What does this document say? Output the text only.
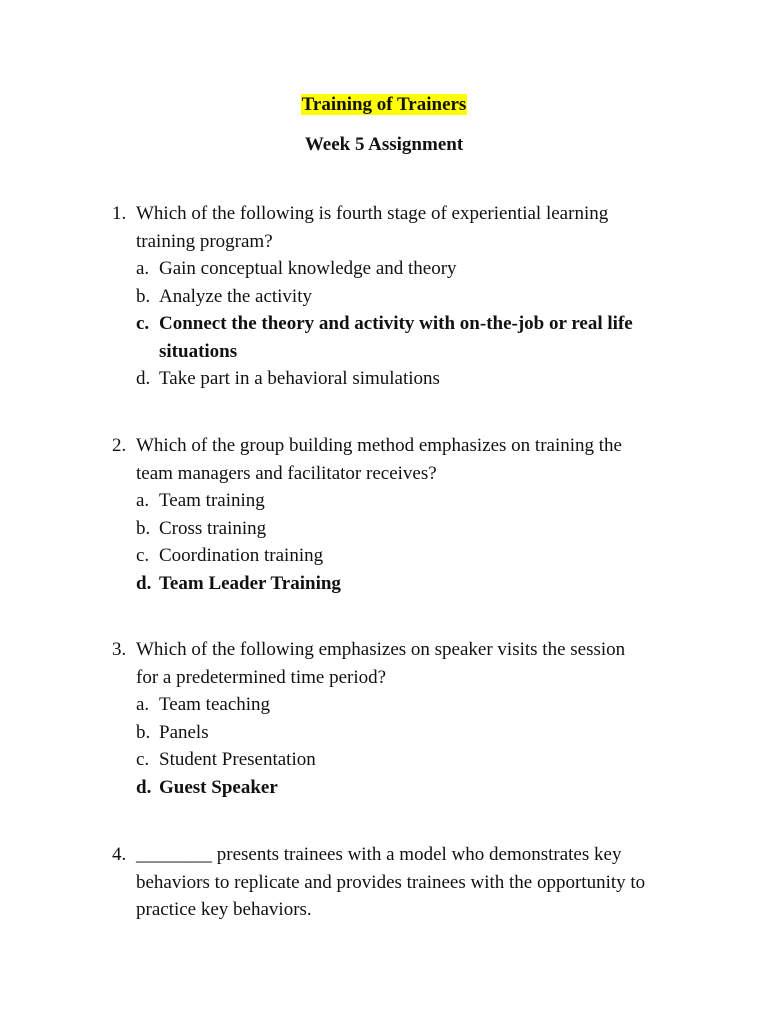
Training of Trainers
Week 5 Assignment
1. Which of the following is fourth stage of experiential learning
training program?
a. Gain conceptual knowledge and theory
b. Analyze the activity
c. Connect the theory and activity with on-the-job or real life
situations
d. Take part in a behavioral simulations
2. Which of the group building method emphasizes on training the
team managers and facilitator receives?
a. Team training
b. Cross training
c. Coordination training
d. Team Leader Training
3. Which of the following emphasizes on speaker visits the session
for a predetermined time period?
a. Team teaching
b. Panels
c. Student Presentation
d. Guest Speaker
4. ________ presents trainees with a model who demonstrates key
behaviors to replicate and provides trainees with the opportunity to
practice key behaviors.
